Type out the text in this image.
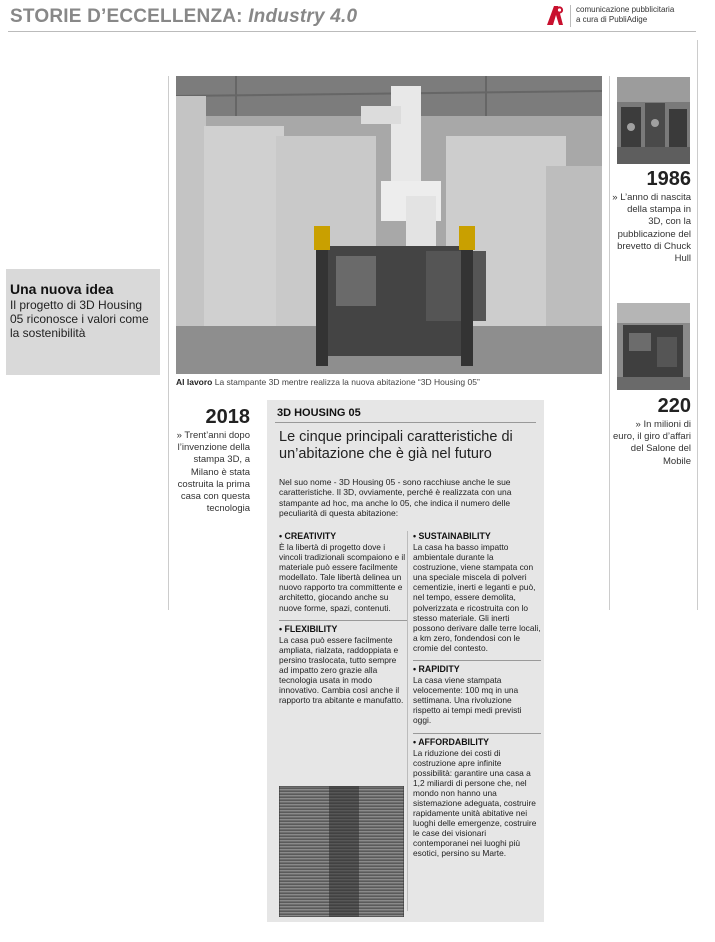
STORIE D’ECCELLENZA: Industry 4.0	comunicazione pubblicitaria
a cura di PubliAdige
Una nuova idea
Il progetto di 3D Housing 05 riconosce i valori come la sostenibilità
Al lavoro La stampante 3D mentre realizza la nuova abitazione “3D Housing 05”
2018
» Trent’anni dopo l’invenzione della stampa 3D, a Milano è stata costruita la prima casa con questa tecnologia
1986
» L’anno di nascita della stampa in 3D, con la pubblicazione del brevetto di Chuck Hull
220
» In milioni di euro, il giro d’affari del Salone del Mobile
3D HOUSING 05
Le cinque principali caratteristiche di un’abitazione che è già nel futuro
Nel suo nome - 3D Housing 05 - sono racchiuse anche le sue caratteristiche. Il 3D, ovviamente, perché è realizzata con una stampante ad hoc, ma anche lo 05, che indica il numero delle peculiarità di questa abitazione:
• CREATIVITY
È la libertà di progetto dove i vincoli tradizionali scompaiono e il materiale può essere facilmente modellato. Tale libertà delinea un nuovo rapporto tra committente e architetto, giocando anche su nuove forme, spazi, contenuti.
• FLEXIBILITY
La casa può essere facilmente ampliata, rialzata, raddoppiata e persino traslocata, tutto sempre ad impatto zero grazie alla tecnologia usata in modo innovativo. Cambia così anche il rapporto tra abitante e manufatto.
• SUSTAINABILITY
La casa ha basso impatto ambientale durante la costruzione, viene stampata con una speciale miscela di polveri cementizie, inerti e leganti e può, nel tempo, essere demolita, polverizzata e ricostruita con lo stesso materiale. Gli inerti possono derivare dalle terre locali, a km zero, fondendosi con le cromie del contesto.
• RAPIDITY
La casa viene stampata velocemente: 100 mq in una settimana. Una rivoluzione rispetto ai tempi medi previsti oggi.
• AFFORDABILITY
La riduzione dei costi di costruzione apre infinite possibilità: garantire una casa a 1,2 miliardi di persone che, nel mondo non hanno una sistemazione adeguata, costruire rapidamente unità abitative nei luoghi delle emergenze, costruire le case dei visionari contemporanei nei luoghi più esotici, persino su Marte.
